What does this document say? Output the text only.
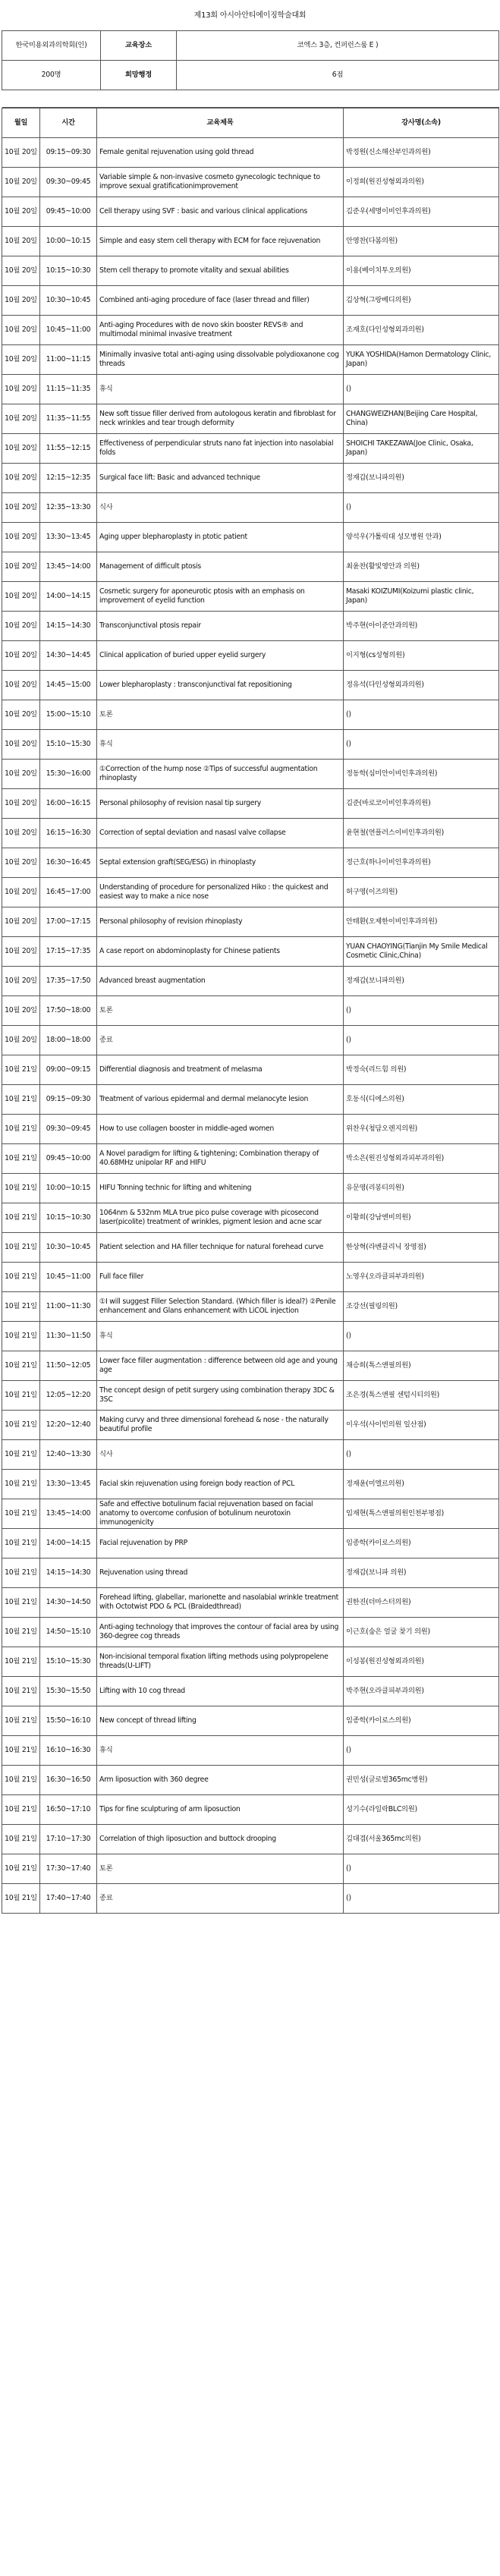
제13회 아시아안티에이징학술대회
한국미용외과의학회(인)	교육장소	코엑스 3층, 컨퍼런스룸 E )
200명	희망행정	6점

월일	시간	교육제목	강사명(소속)
10월 20일	09:15~09:30	Female genital rejuvenation using gold thread	박정원(신소해산부인과의원)
10월 20일	09:30~09:45	Variable simple & non-invasive cosmeto gynecologic technique to improve sexual gratificationimprovement	이정희(원진성형외과의원)
10월 20일	09:45~10:00	Cell therapy using SVF : basic and various clinical applications	김준우(세명이비인후과의원)
10월 20일	10:00~10:15	Simple and easy stem cell therapy with ECM for face rejuvenation	안영찬(다봄의원)
10월 20일	10:15~10:30	Stem cell therapy to promote vitality and sexual abilities	이용(베이치투오의원)
10월 20일	10:30~10:45	Combined anti-aging procedure of face (laser thread and filler)	김상혁(그랑베디의원)
10월 20일	10:45~11:00	Anti-aging Procedures with de novo skin booster REVS® and multimodal minimal invasive treatment	조재호(다인성형외과의원)
10월 20일	11:00~11:15	Minimally invasive total anti-aging using dissolvable polydioxanone cog threads	YUKA YOSHIDA(Hamon Dermatology Clinic, Japan)
10월 20일	11:15~11:35	휴식	()
10월 20일	11:35~11:55	New soft tissue filler derived from autologous keratin and fibroblast for neck wrinkles and tear trough deformity	CHANGWEIZHAN(Beijing Care Hospital, China)
10월 20일	11:55~12:15	Effectiveness of perpendicular struts nano fat injection into nasolabial folds	SHOICHI TAKEZAWA(Joe Clinic, Osaka, Japan)
10월 20일	12:15~12:35	Surgical face lift: Basic and advanced technique	정재갑(보니파의원)
10월 20일	12:35~13:30	식사	()
10월 20일	13:30~13:45	Aging upper blepharoplasty in ptotic patient	양석우(가톨릭대 성모병원 안과)
10월 20일	13:45~14:00	Management of difficult ptosis	최윤찬(활빛영안과 의원)
10월 20일	14:00~14:15	Cosmetic surgery for aponeurotic ptosis with an emphasis on improvement of eyelid function	Masaki KOIZUMI(Koizumi plastic clinic, Japan)
10월 20일	14:15~14:30	Transconjunctival ptosis repair	박주현(아이준안과의원)
10월 20일	14:30~14:45	Clinical application of buried upper eyelid surgery	이지형(cs성형의원)
10월 20일	14:45~15:00	Lower blepharoplasty : transconjunctival fat repositioning	정유석(다인성형외과의원)
10월 20일	15:00~15:10	토론	()
10월 20일	15:10~15:30	휴식	()
10월 20일	15:30~16:00	①Correction of the hump nose ②Tips of successful augmentation rhinoplasty	정동학(심미안이비인후과의원)
10월 20일	16:00~16:15	Personal philosophy of revision nasal tip surgery	김준(바로코이비인후과의원)
10월 20일	16:15~16:30	Correction of septal deviation and nasasl valve collapse	윤현철(연플러스이비인후과의원)
10월 20일	16:30~16:45	Septal extension graft(SEG/ESG) in rhinoplasty	정근호(하나이비인후과의원)
10월 20일	16:45~17:00	Understanding of procedure for personalized Hiko : the quickest and easiest way to make a nice nose	허구영(이즈의원)
10월 20일	17:00~17:15	Personal philosophy of revision rhinoplasty	안태환(오제한이비인후과의원)
10월 20일	17:15~17:35	A case report on abdominoplasty for Chinese patients	YUAN CHAOYING(Tianjin My Smile Medical Cosmetic Clinic,China)
10월 20일	17:35~17:50	Advanced breast augmentation	정재갑(보니파의원)
10월 20일	17:50~18:00	토론	()
10월 20일	18:00~18:00	종료	()
10월 21일	09:00~09:15	Differential diagnosis and treatment of melasma	박정숙(리드힘 의원)
10월 21일	09:15~09:30	Treatment of various epidermal and dermal melanocyte lesion	호동식(디에스의원)
10월 21일	09:30~09:45	How to use collagen booster in middle-aged women	위찬우(청담오렌지의원)
10월 21일	09:45~10:00	A Novel paradigm for lifting & tightening; Combination therapy of 40.68MHz unipolar RF and HIFU	박소은(원진성형외과피부과의원)
10월 21일	10:00~10:15	HIFU Tonning technic for lifting and whitening	유문영(리봉티의원)
10월 21일	10:15~10:30	1064nm & 532nm MLA true pico pulse coverage with picosecond laser(picolite) treatment of wrinkles, pigment lesion and acne scar	이황희(강남엔비의원)
10월 21일	10:30~10:45	Patient selection and HA filler technique for natural forehead curve	한상혁(라벤클리닉 장영점)
10월 21일	10:45~11:00	Full face filler	노영우(오라클피부과의원)
10월 21일	11:00~11:30	①I will suggest Filler Selection Standard. (Which filler is ideal?) ②Penile enhancement and Glans enhancement with LiCOL injection	조강선(필링의원)
10월 21일	11:30~11:50	휴식	()
10월 21일	11:50~12:05	Lower face filler augmentation : difference between old age and young age	채승희(톡스앤필의원)
10월 21일	12:05~12:20	The concept design of petit surgery using combination therapy 3DC & 3SC	조은경(톡스앤필 센텀시티의원)
10월 21일	12:20~12:40	Making curvy and three dimensional forehead & nose - the naturally beautiful profile	이우석(사이빈의원 일산점)
10월 21일	12:40~13:30	식사	()
10월 21일	13:30~13:45	Facial skin rejuvenation using foreign body reaction of PCL	정재윤(미엘르의원)
10월 21일	13:45~14:00	Safe and effective botulinum facial rejuvenation based on facial anatomy to overcome confusion of botulinum neurotoxin immunogenicity	임재현(톡스앤필의원인천부평점)
10월 21일	14:00~14:15	Facial rejuvenation by PRP	임종학(카이로스의원)
10월 21일	14:15~14:30	Rejuvenation using thread	정재갑(보니파 의원)
10월 21일	14:30~14:50	Forehead lifting, glabellar, marionette and nasolabial wrinkle treatment with Octotwist PDO & PCL (Braidedthread)	권한진(더마스터의원)
10월 21일	14:50~15:10	Anti-aging technology that improves the contour of facial area by using 360-degree cog threads	이근호(숲은 얼굴 찾기 의원)
10월 21일	15:10~15:30	Non-incisional temporal fixation lifting methods using polypropelene threads(U-LIFT)	이성봉(원진성형외과의원)
10월 21일	15:30~15:50	Lifting with 10 cog thread	박주현(오라클피부과의원)
10월 21일	15:50~16:10	New concept of thread lifting	임종학(카이로스의원)
10월 21일	16:10~16:30	휴식	()
10월 21일	16:30~16:50	Arm liposuction with 360 degree	권민성(글로벌365mc병원)
10월 21일	16:50~17:10	Tips for fine sculpturing of arm liposuction	성기수(라일락BLC의원)
10월 21일	17:10~17:30	Correlation of thigh liposuction and buttock drooping	김대겸(서울365mc의원)
10월 21일	17:30~17:40	토론	()
10월 21일	17:40~17:40	종료	()
